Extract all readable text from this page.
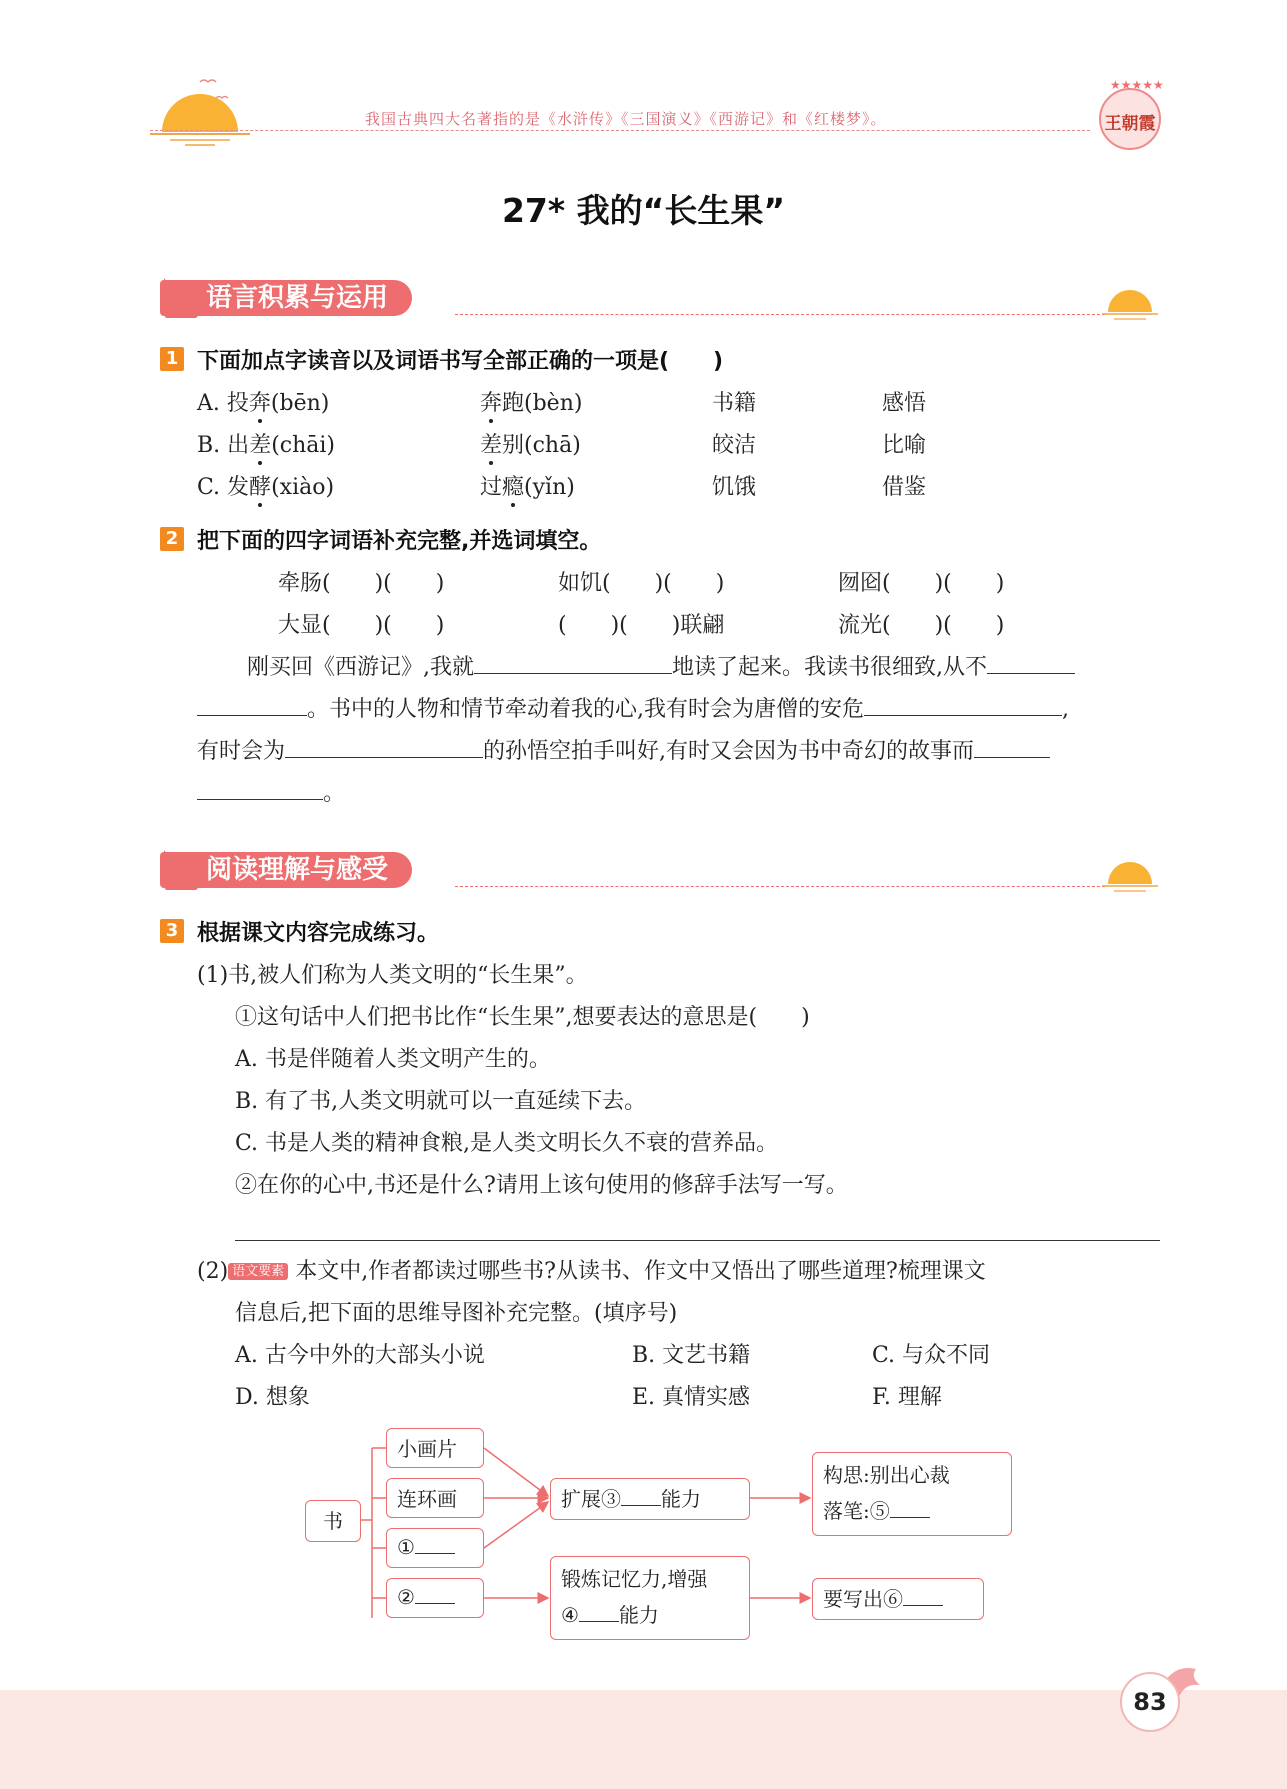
我国古典四大名著指的是《水浒传》《三国演义》《西游记》和《红楼梦》。
★★★★★
王朝霞
27* 我的“长生果”
语言积累与运用
1 下面加点字读音以及词语书写全部正确的一项是(　　)
A. 投奔(bēn)	奔跑(bèn)	书籍	感悟
B. 出差(chāi)	差别(chā)	皎洁	比喻
C. 发酵(xiào)	过瘾(yǐn)	饥饿	借鉴
2 把下面的四字词语补充完整,并选词填空。
牵肠(　　)(　　)	如饥(　　)(　　)	囫囵(　　)(　　)
大显(　　)(　　)	(　　)(　　)联翩	流光(　　)(　　)
刚买回《西游记》,我就	地读了起来。我读书很细致,从不
。书中的人物和情节牵动着我的心,我有时会为唐僧的安危	,
有时会为	的孙悟空拍手叫好,有时又会因为书中奇幻的故事而
。
阅读理解与感受
3 根据课文内容完成练习。
(1)书,被人们称为人类文明的“长生果”。
①这句话中人们把书比作“长生果”,想要表达的意思是(　　)
A. 书是伴随着人类文明产生的。
B. 有了书,人类文明就可以一直延续下去。
C. 书是人类的精神食粮,是人类文明长久不衰的营养品。
②在你的心中,书还是什么?请用上该句使用的修辞手法写一写。
(2) 语文要素 本文中,作者都读过哪些书?从读书、作文中又悟出了哪些道理?梳理课文
信息后,把下面的思维导图补充完整。(填序号)
A. 古今中外的大部头小说	B. 文艺书籍	C. 与众不同
D. 想象	E. 真情实感	F. 理解
书
小画片
连环画
①
②
扩展③ 能力
锻炼记忆力,增强
④ 能力
构思:别出心裁
落笔:⑤
要写出⑥
83
